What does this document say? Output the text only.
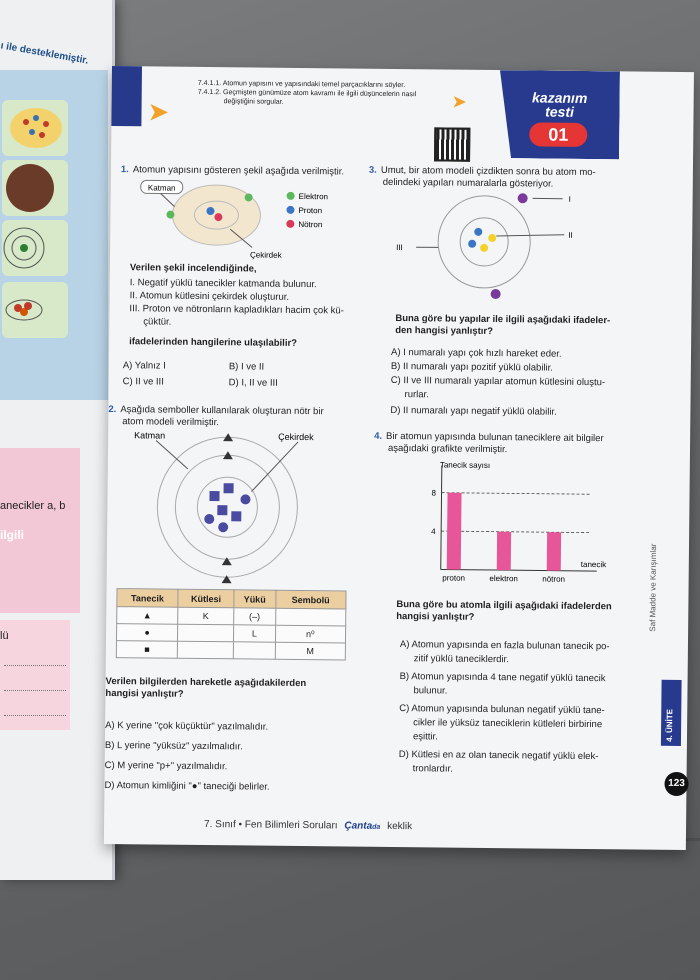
ı ile desteklemiştir.
anecikler a, b
ilgili
lü
➤	➤
7.4.1.1. Atomun yapısını ve yapısındaki temel parçacıklarını söyler.
7.4.1.2. Geçmişten günümüze atom kavramı ile ilgili düşüncelerin nasıl
değiştiğini sorgular.	kazanım
testi
01
1. Atomun yapısını gösteren şekil aşağıda verilmiştir.
Katman
Çekirdek
Elektron
Proton
Nötron
Verilen şekil incelendiğinde,
I. Negatif yüklü tanecikler katmanda bulunur.
II. Atomun kütlesini çekirdek oluşturur.
III. Proton ve nötronların kapladıkları hacim çok kü-
çüktür.
ifadelerinden hangilerine ulaşılabilir?
A) Yalnız I	B) I ve II
C) II ve III	D) I, II ve III
2. Aşağıda semboller kullanılarak oluşturan nötr bir
atom modeli verilmiştir.
Katman	Çekirdek
Tanecik	Kütlesi	Yükü	Sembolü
▲	K	(–)	
●		L	n⁰
■			M
Verilen bilgilerden hareketle aşağıdakilerden
hangisi yanlıştır?
A) K yerine "çok küçüktür" yazılmalıdır.
B) L yerine "yüksüz" yazılmalıdır.
C) M yerine "p+" yazılmalıdır.
D) Atomun kimliğini "●" taneciği belirler.
3. Umut, bir atom modeli çizdikten sonra bu atom mo-
delindeki yapıları numaralarla gösteriyor.
I
II
III
Buna göre bu yapılar ile ilgili aşağıdaki ifadeler-
den hangisi yanlıştır?
A) I numaralı yapı çok hızlı hareket eder.
B) II numaralı yapı pozitif yüklü olabilir.
C) II ve III numaralı yapılar atomun kütlesini oluştu-
rurlar.
D) II numaralı yapı negatif yüklü olabilir.
4. Bir atomun yapısında bulunan taneciklere ait bilgiler
aşağıdaki grafikte verilmiştir.
Tanecik sayısı
tanecik
4
8
proton	elektron	nötron
Buna göre bu atomla ilgili aşağıdaki ifadelerden
hangisi yanlıştır?
A) Atomun yapısında en fazla bulunan tanecik po-
zitif yüklü taneciklerdir.
B) Atomun yapısında 4 tane negatif yüklü tanecik
bulunur.
C) Atomun yapısında bulunan negatif yüklü tane-
cikler ile yüksüz taneciklerin kütleleri birbirine
eşittir.
D) Kütlesi en az olan tanecik negatif yüklü elek-
tronlardır.
Saf Madde ve Karışımlar
4. ÜNİTE
123
7. Sınıf • Fen Bilimleri Soruları Çantada keklik
